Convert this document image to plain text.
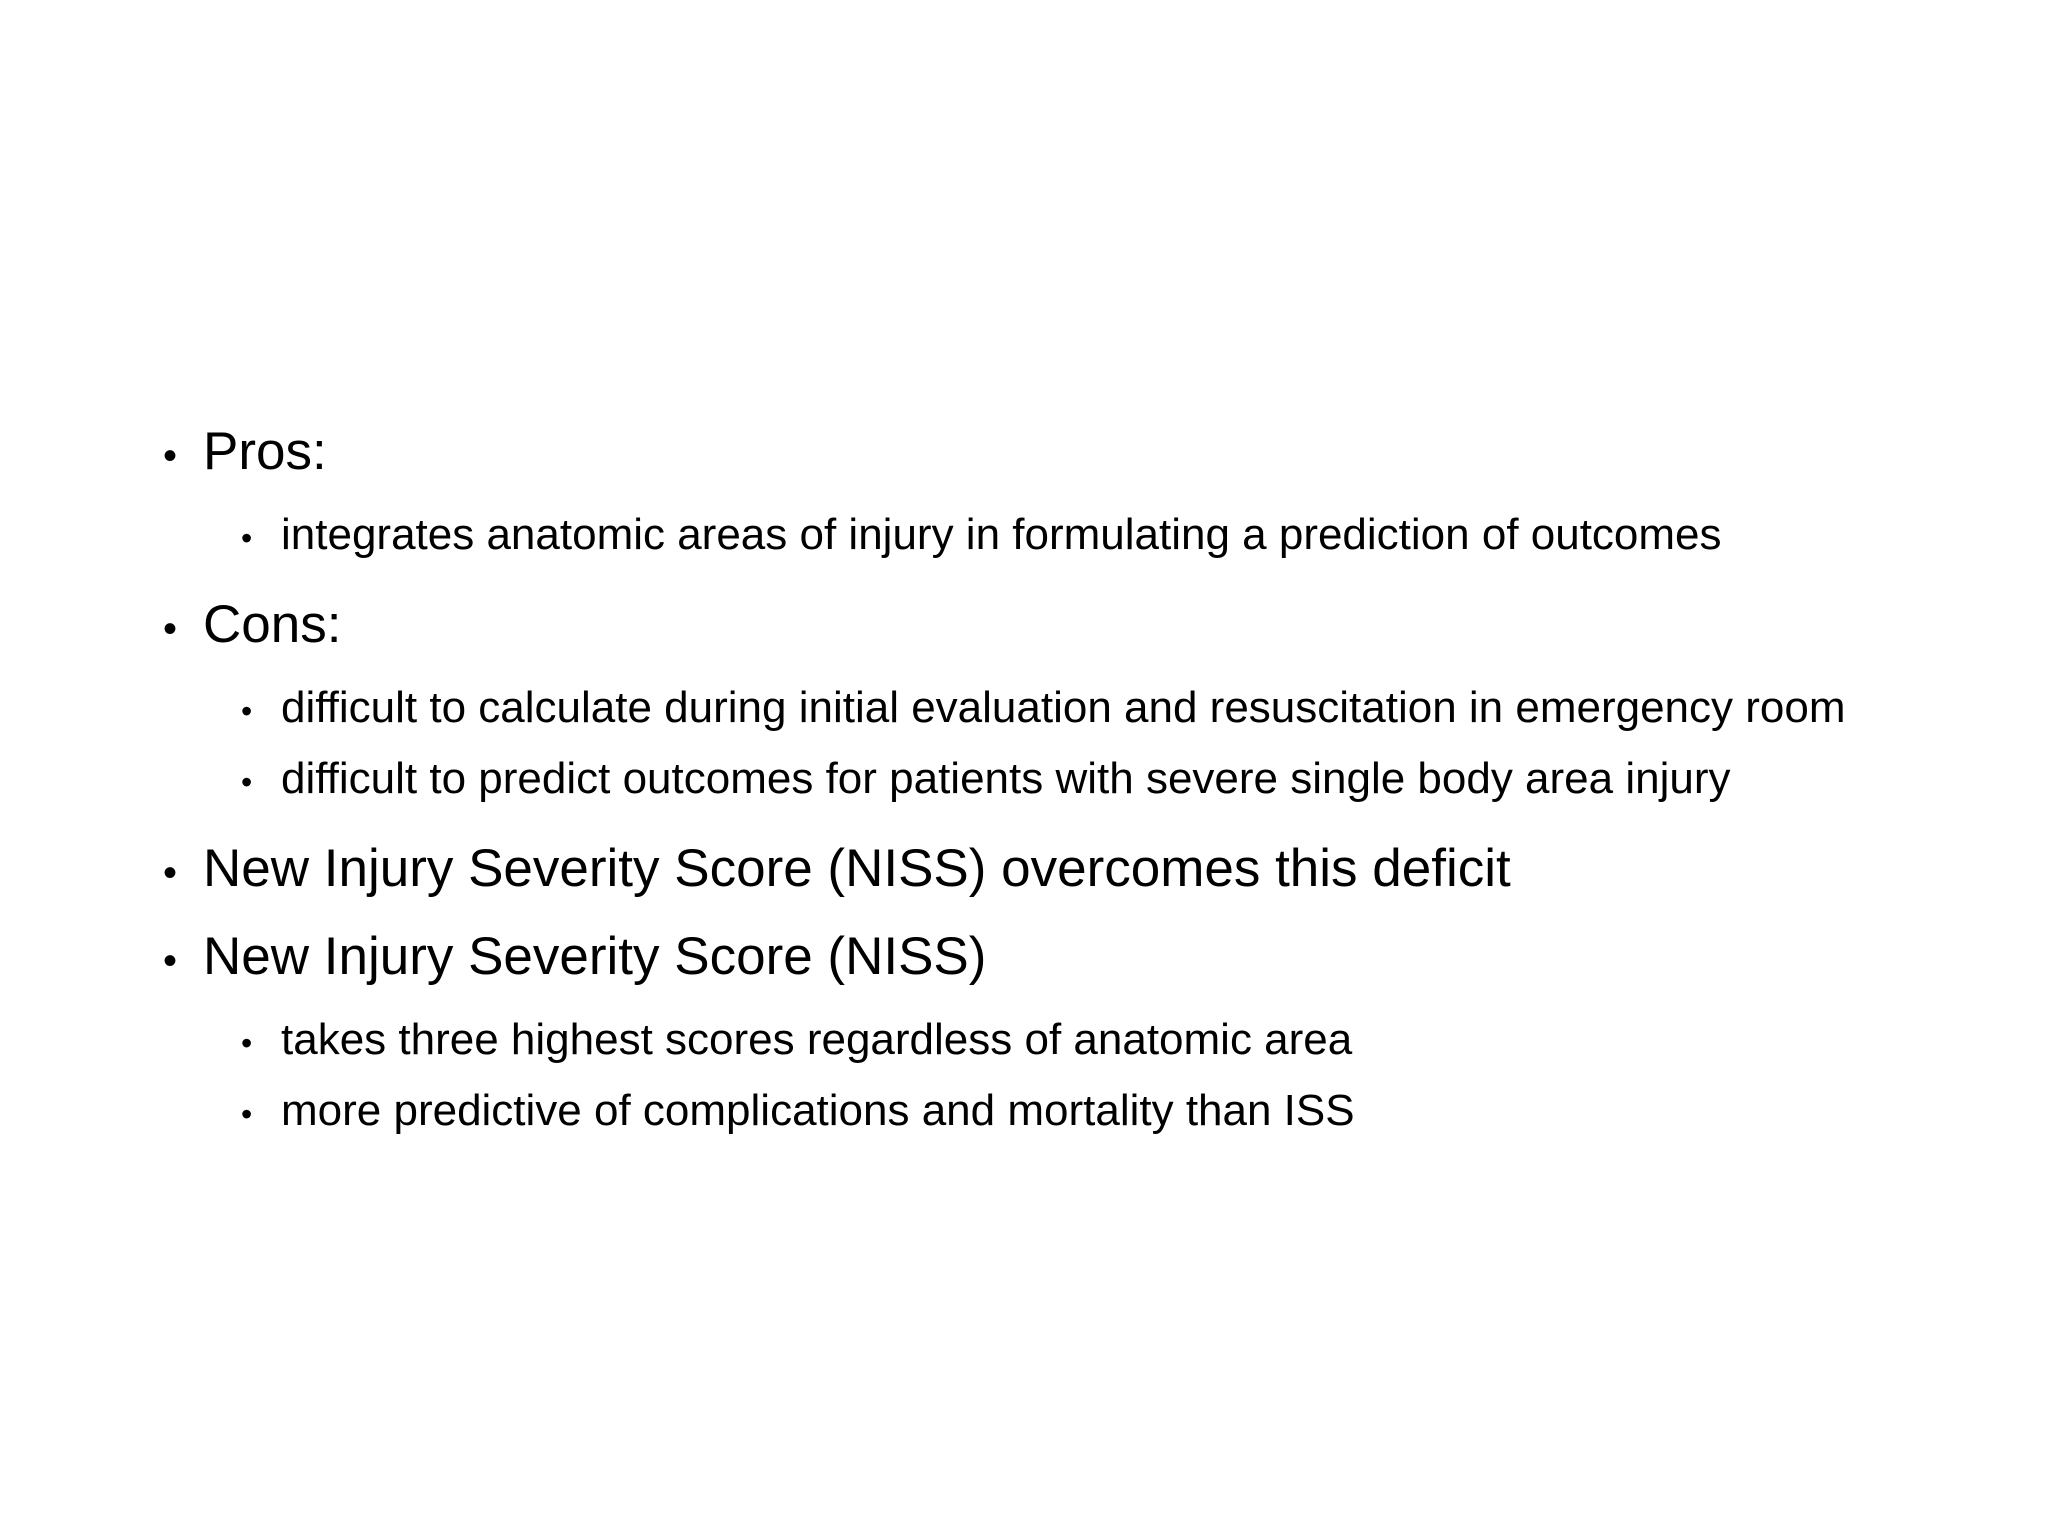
• Pros:
• integrates anatomic areas of injury in formulating a prediction of outcomes
• Cons:
• difficult to calculate during initial evaluation and resuscitation in emergency room
• difficult to predict outcomes for patients with severe single body area injury
• New Injury Severity Score (NISS) overcomes this deficit
• New Injury Severity Score (NISS)
• takes three highest scores regardless of anatomic area
• more predictive of complications and mortality than ISS
